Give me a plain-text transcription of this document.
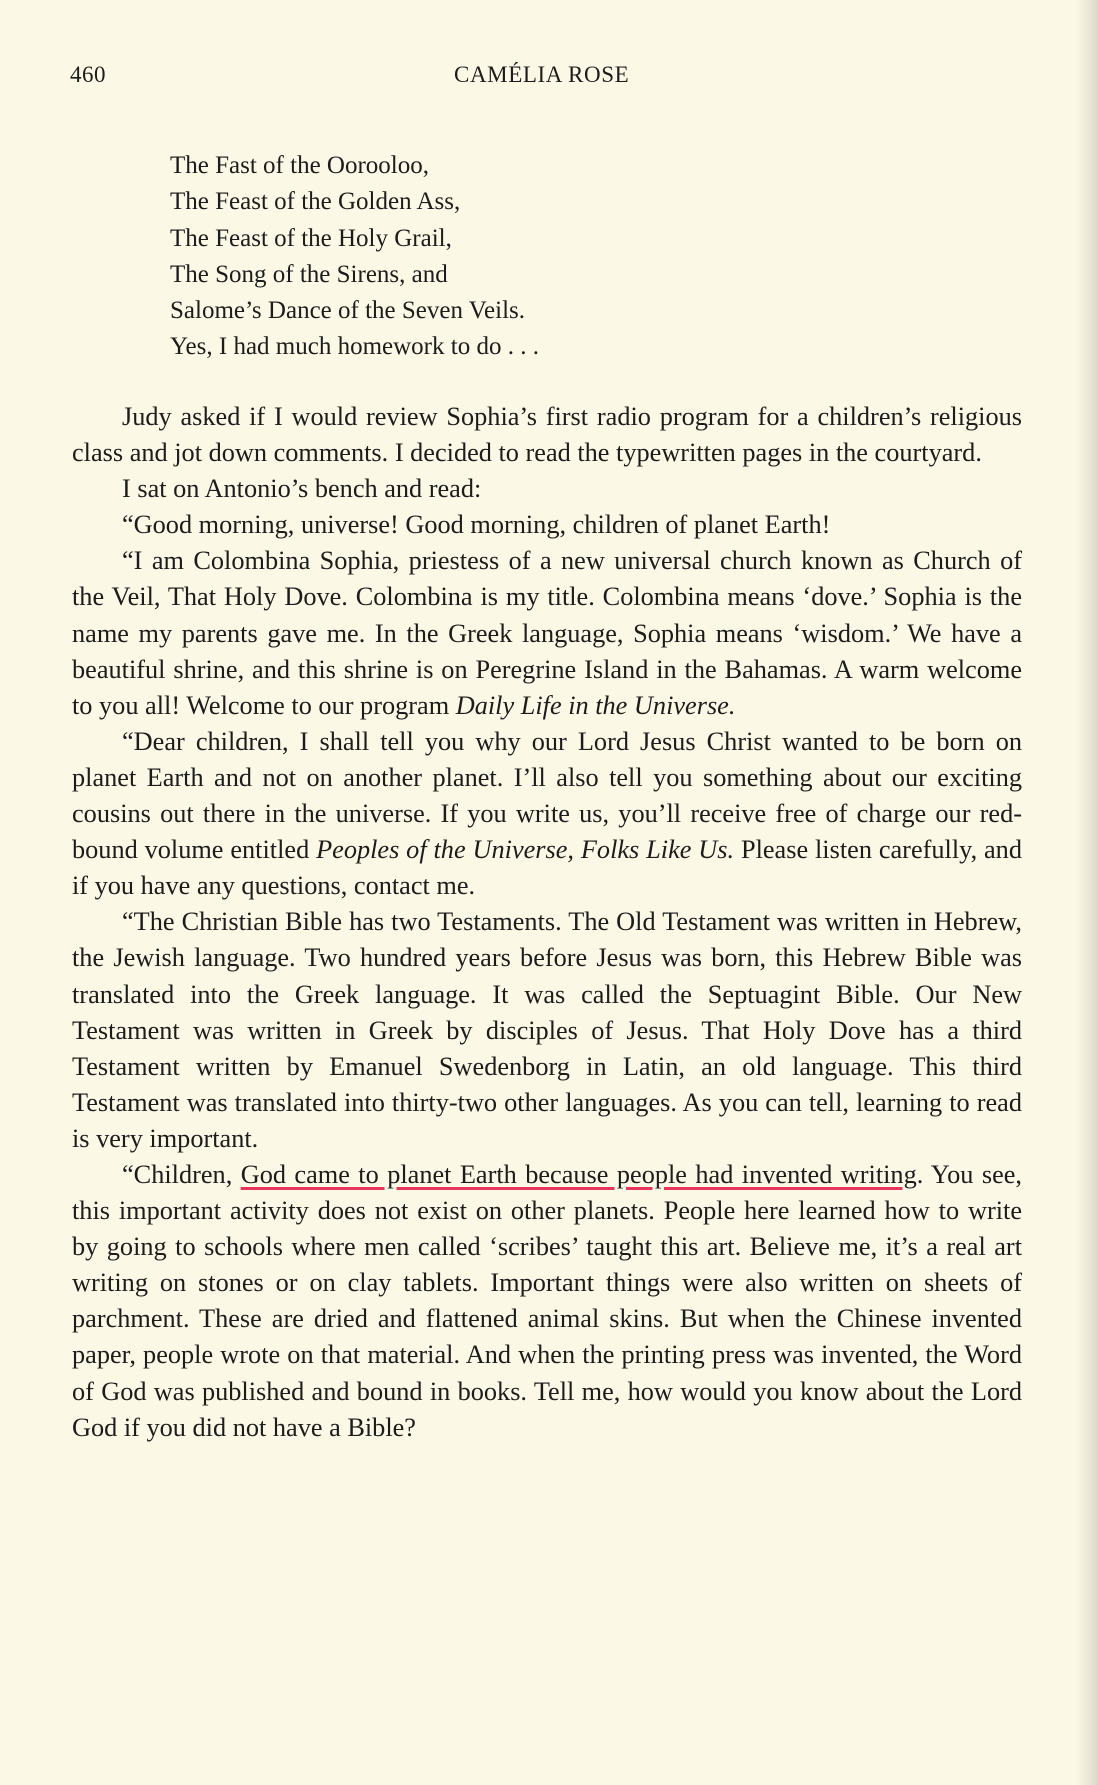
460	CAMÉLIA ROSE
The Fast of the Oorooloo,
The Feast of the Golden Ass,
The Feast of the Holy Grail,
The Song of the Sirens, and
Salome’s Dance of the Seven Veils.
Yes, I had much homework to do . . .

Judy asked if I would review Sophia’s first radio program for a children’s religious class and jot down comments. I decided to read the typewritten pages in the courtyard.

I sat on Antonio’s bench and read:

“Good morning, universe! Good morning, children of planet Earth!

“I am Colombina Sophia, priestess of a new universal church known as Church of the Veil, That Holy Dove. Colombina is my title. Colombina means ‘dove.’ Sophia is the name my parents gave me. In the Greek language, Sophia means ‘wisdom.’ We have a beautiful shrine, and this shrine is on Peregrine Island in the Bahamas. A warm welcome to you all! Welcome to our program Daily Life in the Universe.

“Dear children, I shall tell you why our Lord Jesus Christ wanted to be born on planet Earth and not on another planet. I’ll also tell you something about our exciting cousins out there in the universe. If you write us, you’ll receive free of charge our red-bound volume entitled Peoples of the Universe, Folks Like Us. Please listen carefully, and if you have any questions, contact me.

“The Christian Bible has two Testaments. The Old Testament was written in Hebrew, the Jewish language. Two hundred years before Jesus was born, this Hebrew Bible was translated into the Greek language. It was called the Septuagint Bible. Our New Testament was written in Greek by disciples of Jesus. That Holy Dove has a third Testament written by Emanuel Swedenborg in Latin, an old language. This third Testament was translated into thirty-two other languages. As you can tell, learning to read is very important.

“Children, God came to planet Earth because people had invented writing. You see, this important activity does not exist on other planets. People here learned how to write by going to schools where men called ‘scribes’ taught this art. Believe me, it’s a real art writing on stones or on clay tablets. Important things were also written on sheets of parchment. These are dried and flattened animal skins. But when the Chinese invented paper, people wrote on that material. And when the printing press was invented, the Word of God was published and bound in books. Tell me, how would you know about the Lord God if you did not have a Bible?
